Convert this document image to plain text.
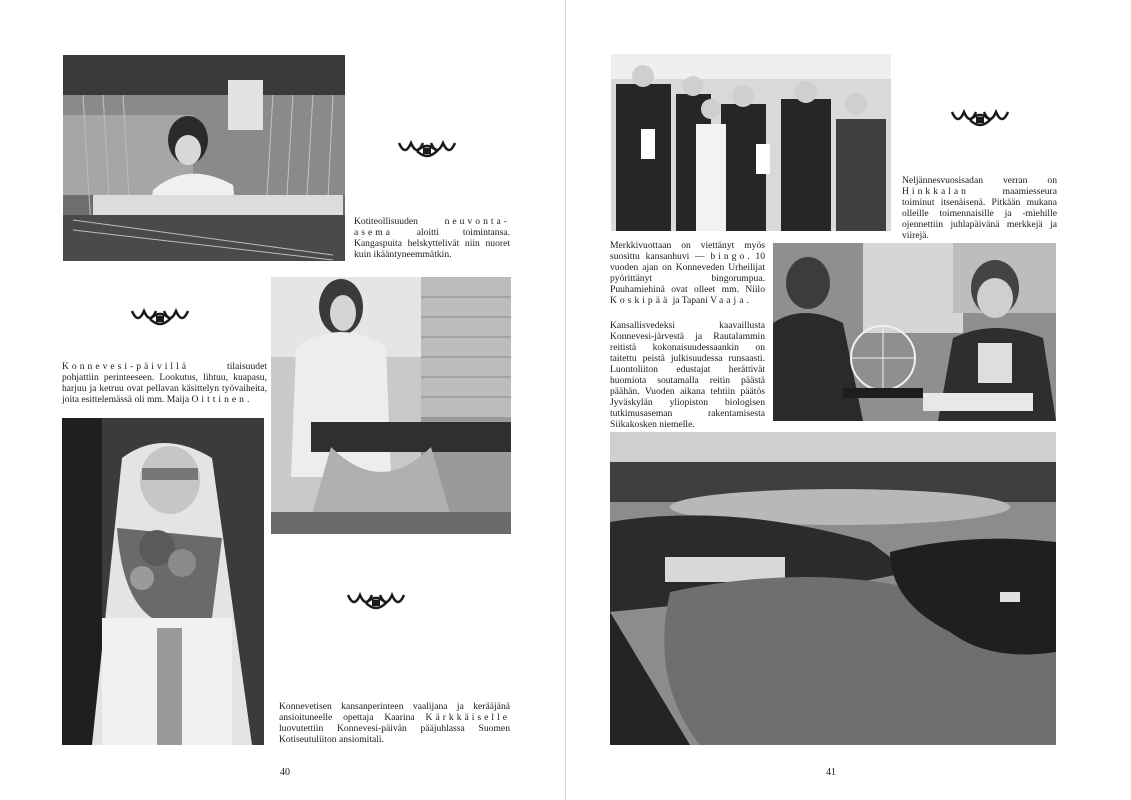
Kotiteollisuuden neuvonta-asema aloitti toimintansa. Kangaspuita helskyttelivät niin nuoret kuin ikääntyneemmätkin.

Konnevesi-päivillä tilaisuudet pohjattiin perinteeseen. Lookutus, lihtuu, kuapasu, harjuu ja ketruu ovat pellavan käsittelyn työvaiheita, joita esittelemässä oli mm. Maija Oittinen.

Konnevetisen kansanperinteen vaalijana ja kerääjänä ansioituneelle opettaja Kaarina Kärkkäiselle luovutettiin Konnevesi-päivän pääjuhlassa Suomen Kotiseutuliiton ansiomitali.

40

Neljännesvuosisadan verran on Hinkkalan maamiesseura toiminut itsenäisenä. Pitkään mukana olleille toimennaisille ja -miehille ojennettiin juhlapäivänä merkkejä ja viirejä.

Merkkivuottaan on viettänyt myös suosittu kansanhuvi — bingo. 10 vuoden ajan on Konneveden Urheilijat pyörittänyt bingorumpua. Puuhamiehinä ovat olleet mm. Niilo Koskipää ja Tapani Vaaja.

Kansallisvedeksi kaavaillusta Konnevesi-järvestä ja Rautalammin reitistä kokonaisuudessaankin on taitettu peistä julkisuudessa runsaasti. Luontoliiton edustajat herättivät huomiota soutamalla reitin päästä päähän. Vuoden aikana tehtiin päätös Jyväskylän yliopiston biologisen tutkimusaseman rakentamisesta Siikakosken niemelle.

41
